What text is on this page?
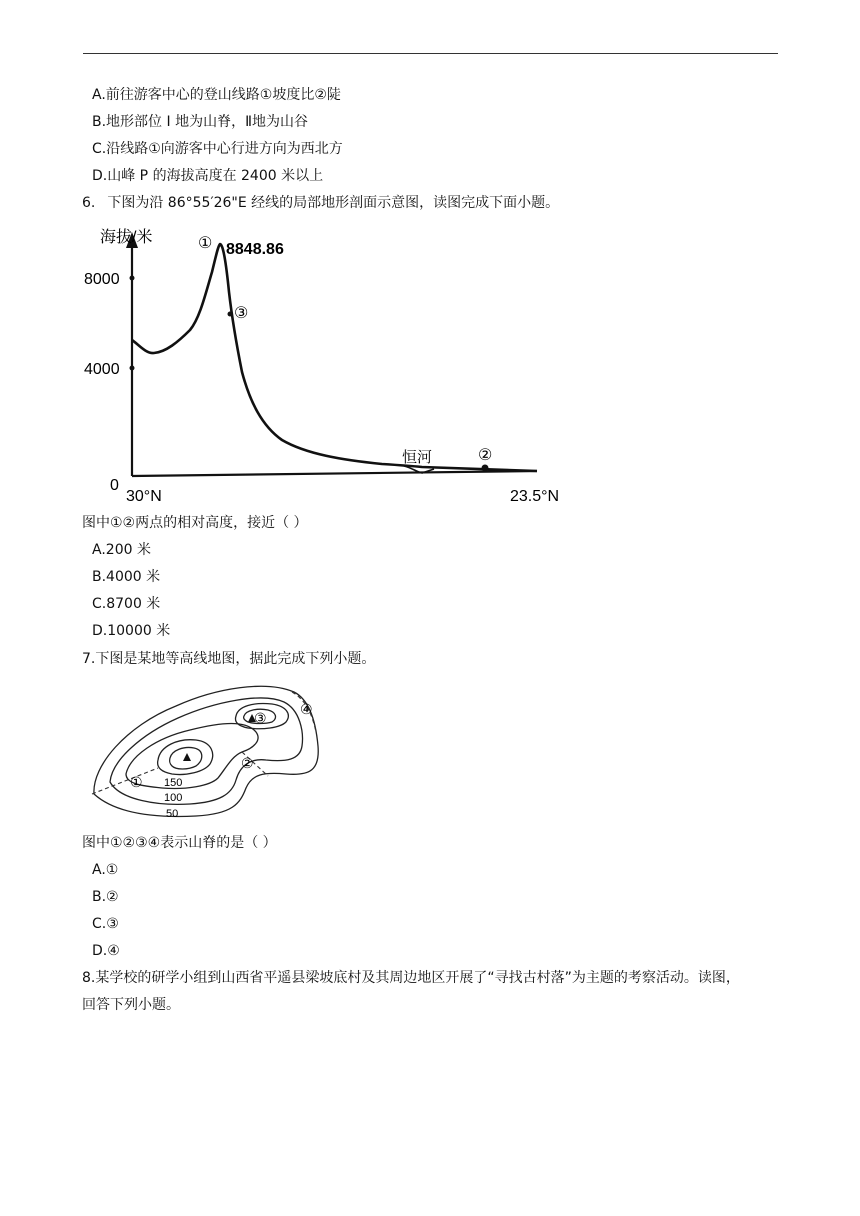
A.前往游客中心的登山线路①坡度比②陡
B.地形部位 I 地为山脊，Ⅱ地为山谷
C.沿线路①向游客中心行进方向为西北方
D.山峰 P 的海拔高度在 2400 米以上
6. 下图为沿 86°55′26"E 经线的局部地形剖面示意图，读图完成下面小题。
8000
4000
0
海拔/米
30°N	23.5°N
① 8848.86
③
恒河	②
图中①②两点的相对高度，接近（ ）
A.200 米
B.4000 米
C.8700 米
D.10000 米
7.下图是某地等高线地图，据此完成下列小题。
①
②
③
④
150
100
50
图中①②③④表示山脊的是（ ）
A.①
B.②
C.③
D.④
8.某学校的研学小组到山西省平遥县梁坡底村及其周边地区开展了“寻找古村落”为主题的考察活动。读图，
回答下列小题。
